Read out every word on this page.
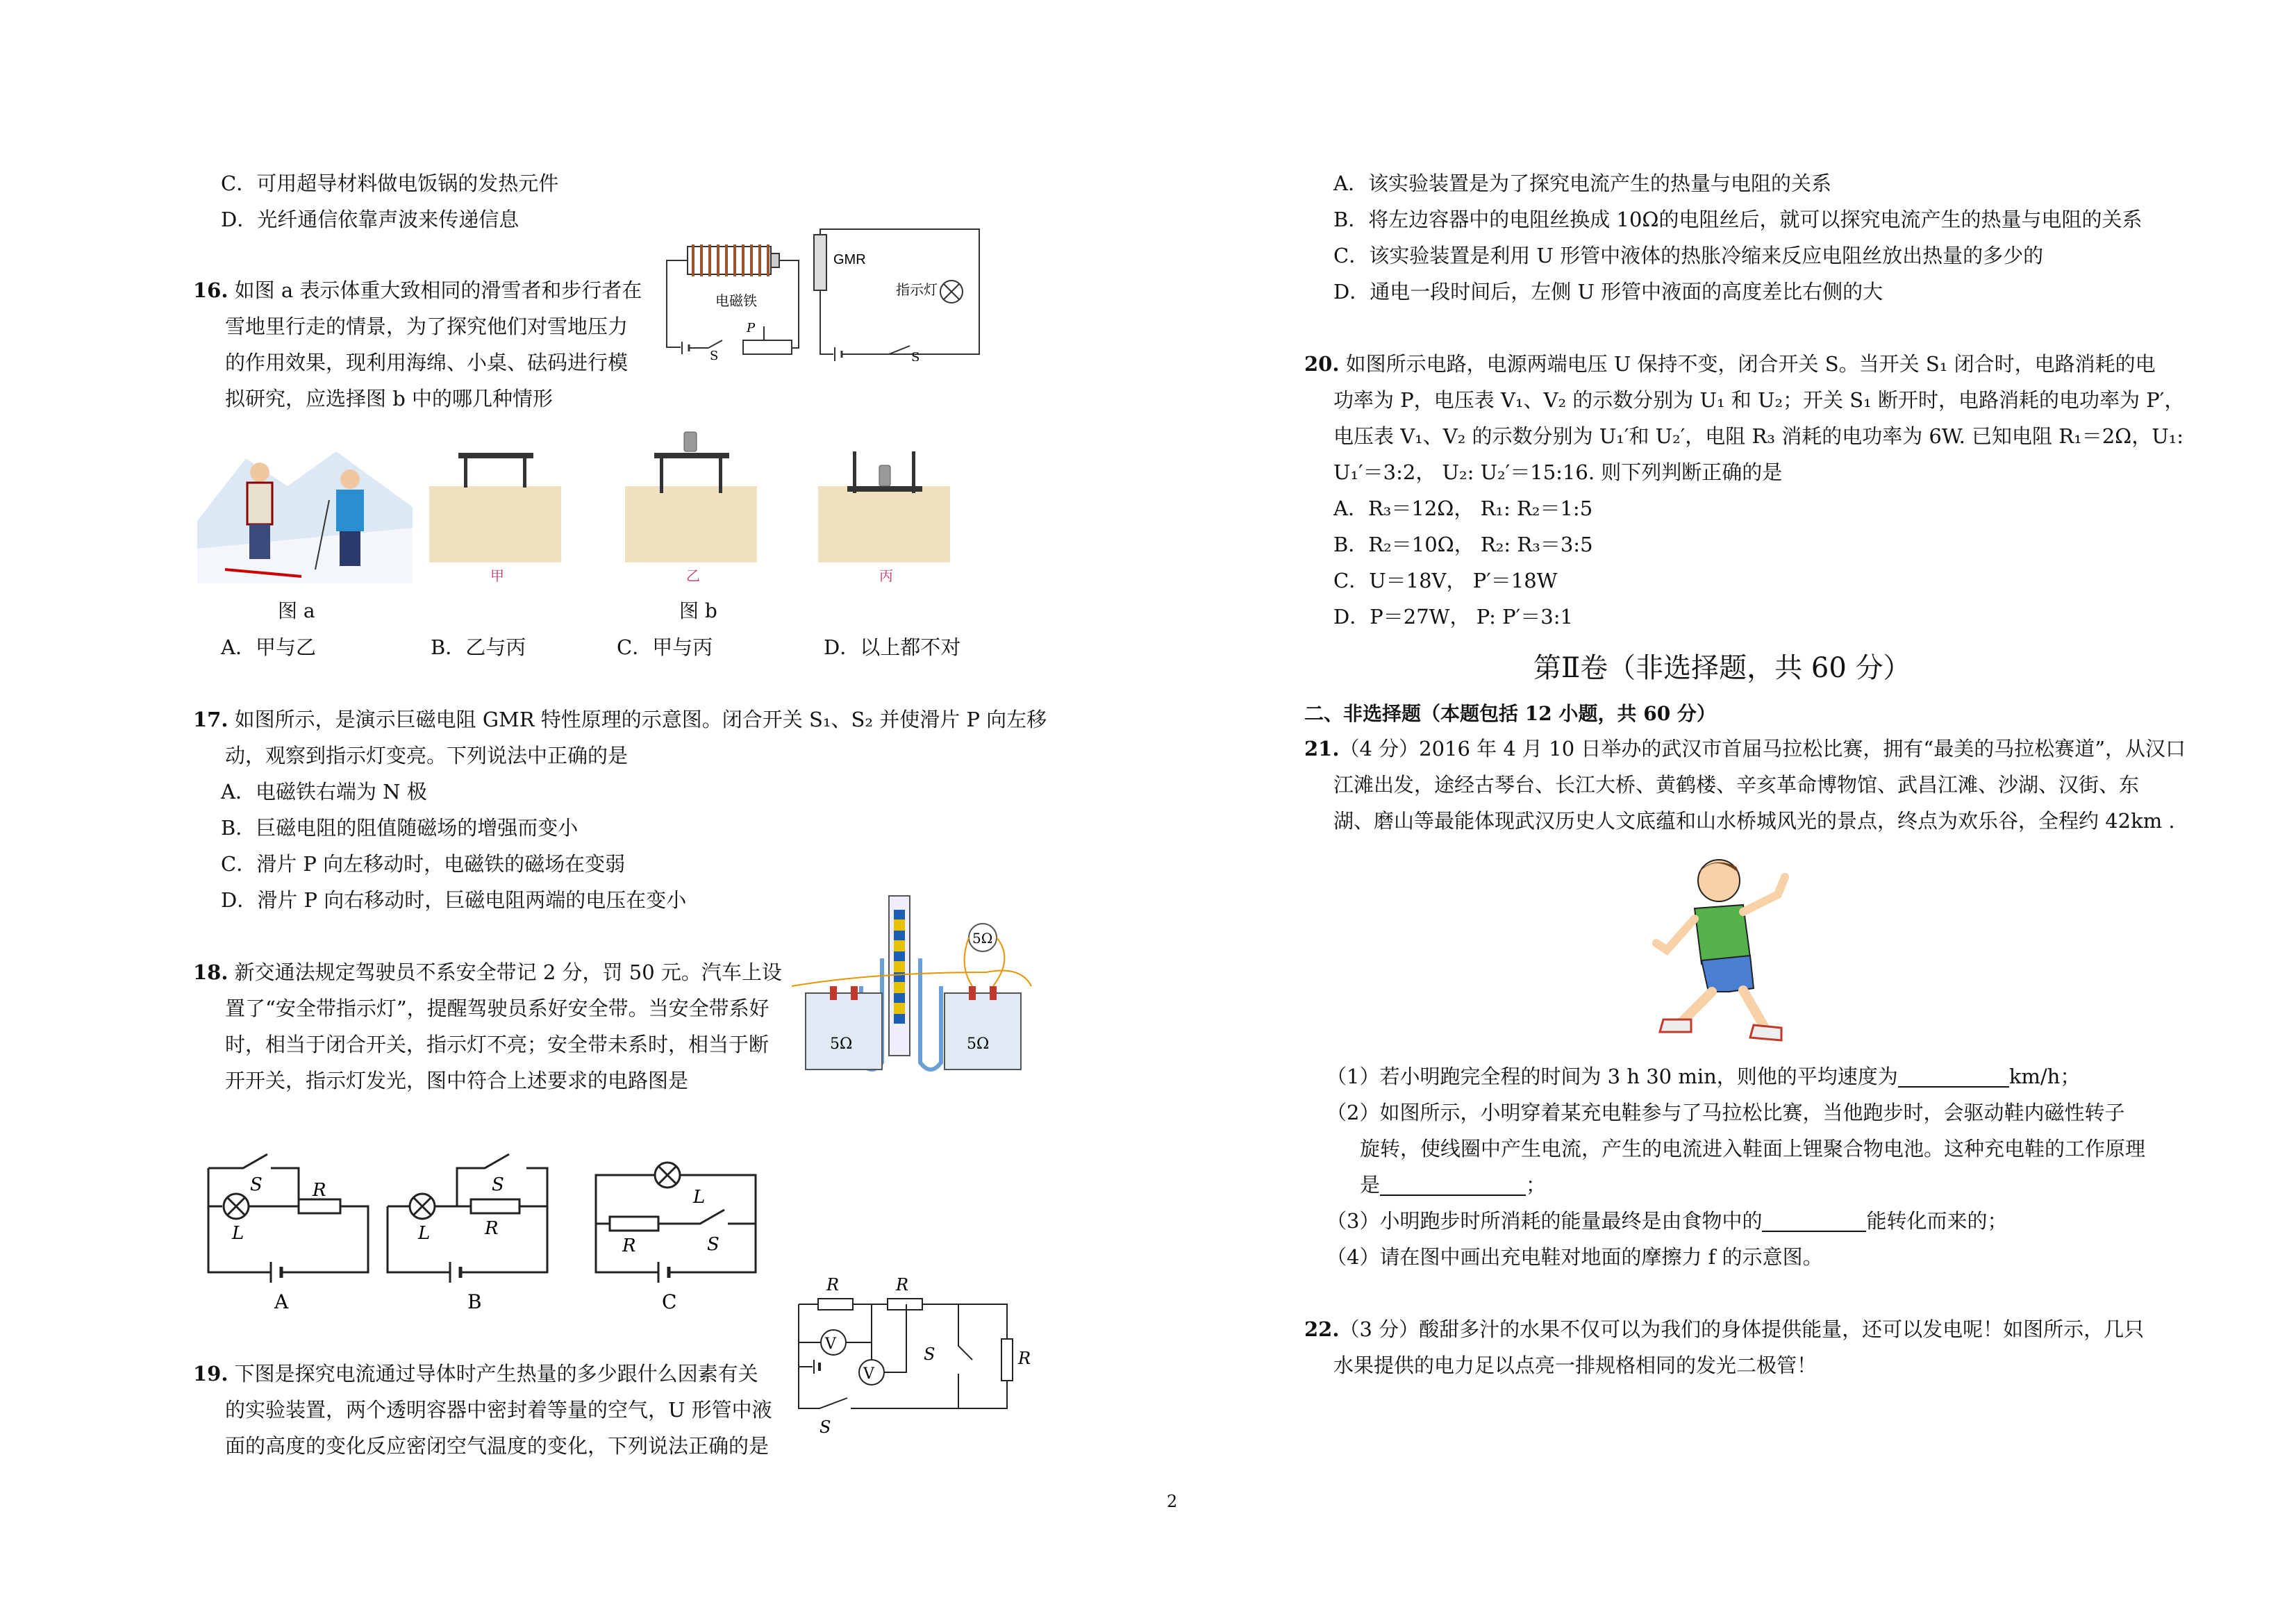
C．可用超导材料做电饭锅的发热元件
D．光纤通信依靠声波来传递信息
16. 如图 a 表示体重大致相同的滑雪者和步行者在
雪地里行走的情景，为了探究他们对雪地压力
的作用效果，现利用海绵、小桌、砝码进行模
拟研究，应选择图 b 中的哪几种情形
GMR
指示灯
S
电磁铁
S
P
图 a
甲	乙
图 b
丙
A．甲与乙	B．乙与丙	C．甲与丙	D．以上都不对
17. 如图所示，是演示巨磁电阻 GMR 特性原理的示意图。闭合开关 S₁、S₂ 并使滑片 P 向左移
动，观察到指示灯变亮。下列说法中正确的是
A．电磁铁右端为 N 极
B．巨磁电阻的阻值随磁场的增强而变小
C．滑片 P 向左移动时，电磁铁的磁场在变弱
D．滑片 P 向右移动时，巨磁电阻两端的电压在变小
5Ω	5Ω
5Ω
18. 新交通法规定驾驶员不系安全带记 2 分，罚 50 元。汽车上设
置了“安全带指示灯”，提醒驾驶员系好安全带。当安全带系好
时，相当于闭合开关，指示灯不亮；安全带未系时，相当于断
开开关，指示灯发光，图中符合上述要求的电路图是
S	R
L
A
S
R
L
B
L
R	S
C
R	R
R
S
V
V
S
19. 下图是探究电流通过导体时产生热量的多少跟什么因素有关
的实验装置，两个透明容器中密封着等量的空气，U 形管中液
面的高度的变化反应密闭空气温度的变化，下列说法正确的是
A．该实验装置是为了探究电流产生的热量与电阻的关系
B．将左边容器中的电阻丝换成 10Ω的电阻丝后，就可以探究电流产生的热量与电阻的关系
C．该实验装置是利用 U 形管中液体的热胀冷缩来反应电阻丝放出热量的多少的
D．通电一段时间后，左侧 U 形管中液面的高度差比右侧的大
20. 如图所示电路，电源两端电压 U 保持不变，闭合开关 S。当开关 S₁ 闭合时，电路消耗的电
功率为 P，电压表 V₁、V₂ 的示数分别为 U₁ 和 U₂；开关 S₁ 断开时，电路消耗的电功率为 P′，
电压表 V₁、V₂ 的示数分别为 U₁′和 U₂′，电阻 R₃ 消耗的电功率为 6W. 已知电阻 R₁＝2Ω，U₁:
U₁′＝3:2， U₂: U₂′＝15:16. 则下列判断正确的是
A．R₃＝12Ω， R₁: R₂＝1:5
B．R₂＝10Ω， R₂: R₃＝3:5
C．U＝18V， P′＝18W
D．P＝27W， P: P′＝3:1
第Ⅱ卷（非选择题，共 60 分）
二、非选择题（本题包括 12 小题，共 60 分）
21.（4 分）2016 年 4 月 10 日举办的武汉市首届马拉松比赛，拥有“最美的马拉松赛道”，从汉口
江滩出发，途经古琴台、长江大桥、黄鹤楼、辛亥革命博物馆、武昌江滩、沙湖、汉街、东
湖、磨山等最能体现武汉历史人文底蕴和山水桥城风光的景点，终点为欢乐谷，全程约 42km .
（1）若小明跑完全程的时间为 3 h 30 min，则他的平均速度为	km/h；
（2）如图所示，小明穿着某充电鞋参与了马拉松比赛，当他跑步时，会驱动鞋内磁性转子
旋转，使线圈中产生电流，产生的电流进入鞋面上锂聚合物电池。这种充电鞋的工作原理
是	；
（3）小明跑步时所消耗的能量最终是由食物中的	能转化而来的；
（4）请在图中画出充电鞋对地面的摩擦力 f 的示意图。
22.（3 分）酸甜多汁的水果不仅可以为我们的身体提供能量，还可以发电呢！如图所示，几只
水果提供的电力足以点亮一排规格相同的发光二极管！
2
